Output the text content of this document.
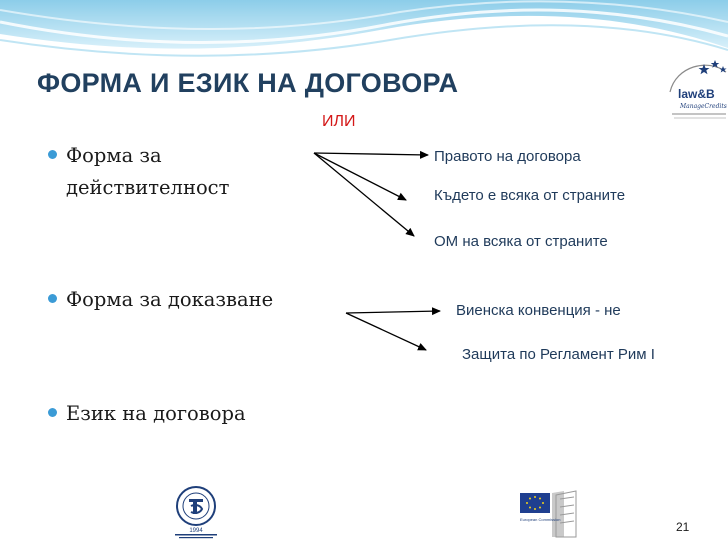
ФОРМА И ЕЗИК НА ДОГОВОРА	law&B
ManageCredits
ИЛИ
Форма за
действителност
Форма за доказване
Език на договора
Правото на договора
Където е всяка от страните
ОМ на всяка от страните
Виенска конвенция - не
Защита по Регламент Рим I
1994
European Commission
21
